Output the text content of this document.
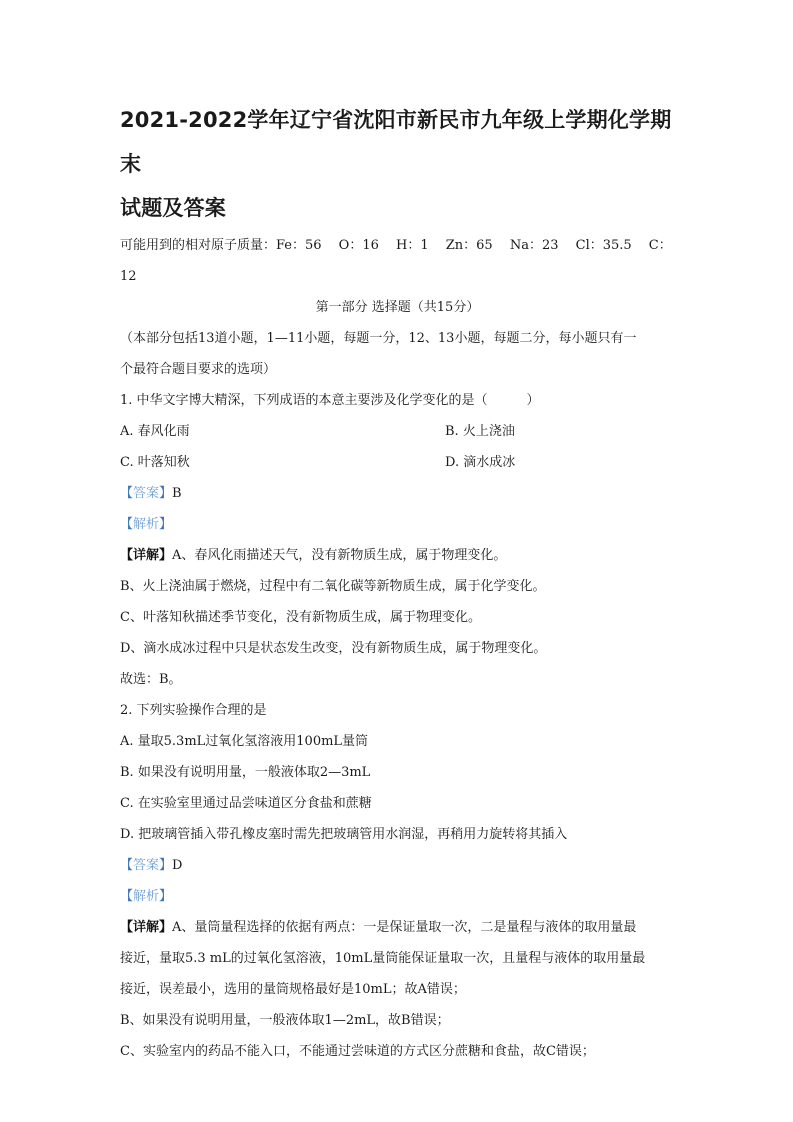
2021-2022学年辽宁省沈阳市新民市九年级上学期化学期末

试题及答案

可能用到的相对原子质量：Fe：56　 O：16　 H：1　 Zn：65　 Na：23　 Cl：35.5　 C：

12

第一部分 选择题（共15分）

（本部分包括13道小题，1—11小题，每题一分，12、13小题，每题二分，每小题只有一

个最符合题目要求的选项）

1. 中华文字博大精深，下列成语的本意主要涉及化学变化的是（　　　）

A. 春风化雨	B. 火上浇油
C. 叶落知秋	D. 滴水成冰

【答案】B

【解析】

【详解】A、春风化雨描述天气，没有新物质生成，属于物理变化。

B、火上浇油属于燃烧，过程中有二氧化碳等新物质生成，属于化学变化。

C、叶落知秋描述季节变化，没有新物质生成，属于物理变化。

D、滴水成冰过程中只是状态发生改变，没有新物质生成，属于物理变化。

故选：B。

2. 下列实验操作合理的是

A. 量取5.3mL过氧化氢溶液用100mL量筒

B. 如果没有说明用量，一般液体取2—3mL

C. 在实验室里通过品尝味道区分食盐和蔗糖

D. 把玻璃管插入带孔橡皮塞时需先把玻璃管用水润湿，再稍用力旋转将其插入

【答案】D

【解析】

【详解】A、量筒量程选择的依据有两点：一是保证量取一次，二是量程与液体的取用量最

接近，量取5.3 mL的过氧化氢溶液，10mL量筒能保证量取一次，且量程与液体的取用量最

接近，误差最小，选用的量筒规格最好是10mL；故A错误；

B、如果没有说明用量，一般液体取1—2mL，故B错误；

C、实验室内的药品不能入口，不能通过尝味道的方式区分蔗糖和食盐，故C错误；
